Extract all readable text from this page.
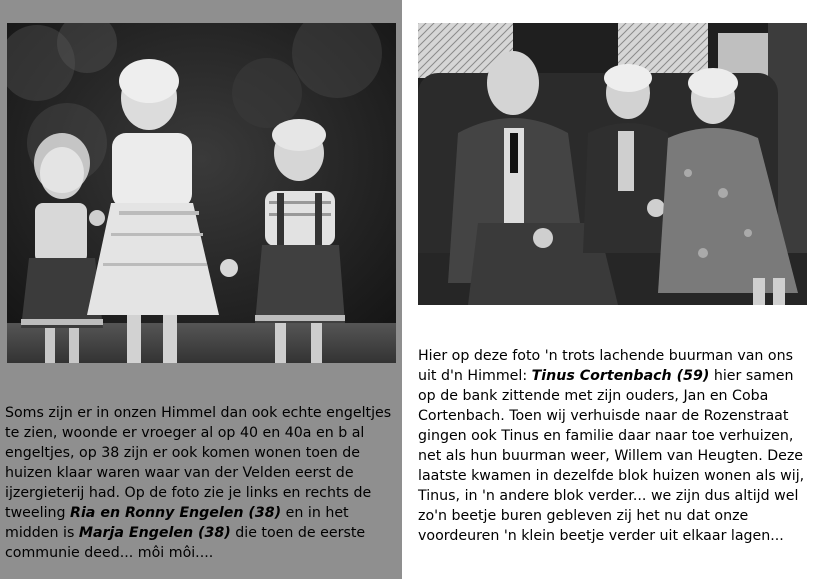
Soms zijn er in onzen Himmel dan ook echte engeltjes te zien, woonde er vroeger al op 40 en 40a en b al engeltjes, op 38 zijn er ook komen wonen toen de huizen klaar waren waar van der Velden eerst de ijzergieterij had. Op de foto zie je links en rechts de tweeling Ria en Ronny Engelen (38) en in het midden is Marja Engelen (38) die toen de eerste communie deed... môi môi....
Hier op deze foto 'n trots lachende buurman van ons uit d'n Himmel: Tinus Cortenbach (59) hier samen op de bank zittende met zijn ouders, Jan en Coba Cortenbach. Toen wij verhuisde naar de Rozenstraat gingen ook Tinus en familie daar naar toe verhuizen, net als hun buurman weer, Willem van Heugten. Deze laatste kwamen in dezelfde blok huizen wonen als wij, Tinus, in 'n andere blok verder... we zijn dus altijd wel zo'n beetje buren gebleven zij het nu dat onze voordeuren 'n klein beetje verder uit elkaar lagen...
